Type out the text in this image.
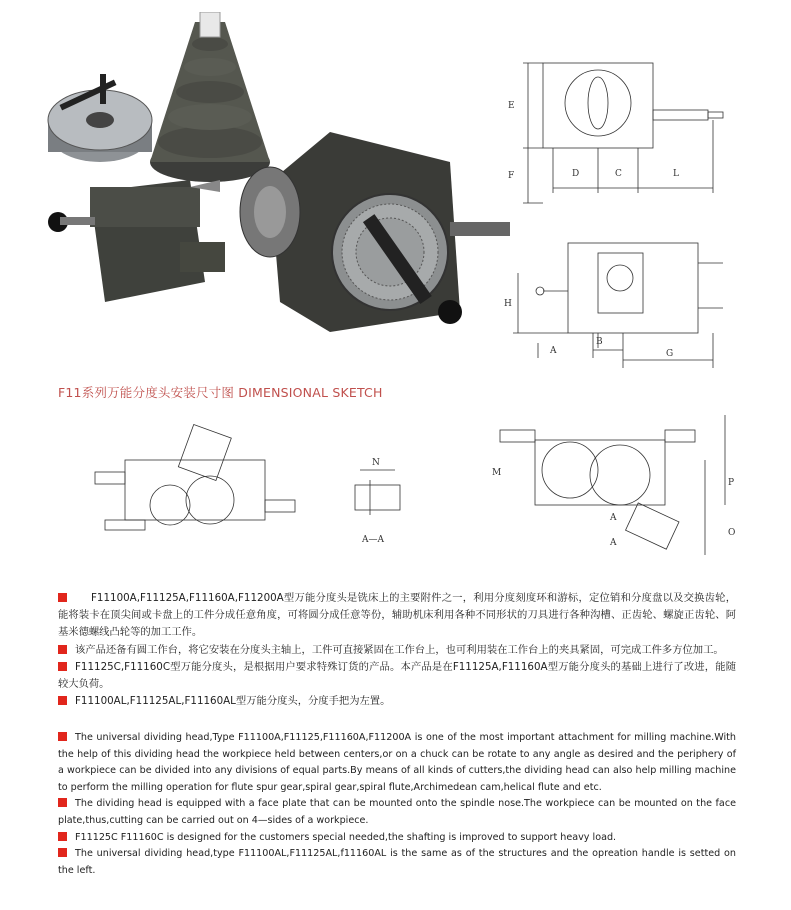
E
F	D	C	L
H
A
B
G
F11系列万能分度头安装尺寸图 DIMENSIONAL SKETCH
N
A—A
M
P
O
A
A

F11100A,F11125A,F11160A,F11200A型万能分度头是铣床上的主要附件之一，利用分度刻度环和游标，定位销和分度盘以及交换齿轮，能将装卡在顶尖间或卡盘上的工件分成任意角度，可将圆分成任意等份，辅助机床利用各种不同形状的刀具进行各种沟槽、正齿轮、螺旋正齿轮、阿基米德螺线凸轮等的加工工作。

该产品还备有圆工作台，将它安装在分度头主轴上，工件可直接紧固在工作台上，也可利用装在工作台上的夹具紧固，可完成工件多方位加工。

F11125C,F11160C型万能分度头，是根据用户要求特殊订货的产品。本产品是在F11125A,F11160A型万能分度头的基础上进行了改进，能随较大负荷。

F11100AL,F11125AL,F11160AL型万能分度头，分度手把为左置。

The universal dividing head,Type F11100A,F11125,F11160A,F11200A is one of the most important attachment for milling machine.With the help of this dividing head the workpiece held between centers,or on a chuck can be rotate to any angle as desired and the periphery of a workpiece can be divided into any divisions of equal parts.By means of all kinds of cutters,the dividing head can also help milling machine to perform the milling operation for flute spur gear,spiral gear,spiral flute,Archimedean cam,helical flute and etc.

The dividing head is equipped with a face plate that can be mounted onto the spindle nose.The workpiece can be mounted on the face plate,thus,cutting can be carried out on 4—sides of a workpiece.

F11125C F11160C is designed for the customers special needed,the shafting is improved to support heavy load.

The universal dividing head,type F11100AL,F11125AL,f11160AL is the same as of the structures and the opreation handle is setted on the left.
